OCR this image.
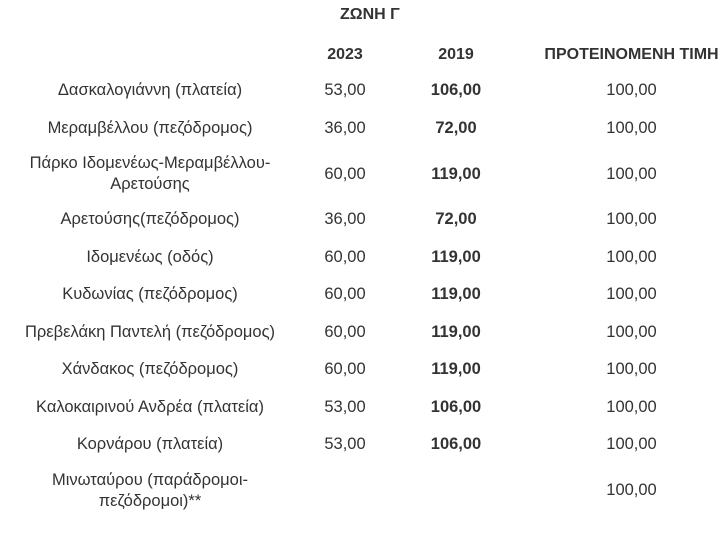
ΖΩΝΗ Γ
	2023	2019	ΠΡΟΤΕΙΝΟΜΕΝΗ ΤΙΜΗ
Δασκαλογιάννη (πλατεία)	53,00	106,00	100,00
Μεραμβέλλου (πεζόδρομος)	36,00	72,00	100,00
Πάρκο Ιδομενέως-Μεραμβέλλου-
Αρετούσης	60,00	119,00	100,00
Αρετούσης(πεζόδρομος)	36,00	72,00	100,00
Ιδομενέως (οδός)	60,00	119,00	100,00
Κυδωνίας (πεζόδρομος)	60,00	119,00	100,00
Πρεβελάκη Παντελή (πεζόδρομος)	60,00	119,00	100,00
Χάνδακος (πεζόδρομος)	60,00	119,00	100,00
Καλοκαιρινού Ανδρέα (πλατεία)	53,00	106,00	100,00
Κορνάρου (πλατεία)	53,00	106,00	100,00
Μινωταύρου (παράδρομοι-
πεζόδρομοι)**			100,00
